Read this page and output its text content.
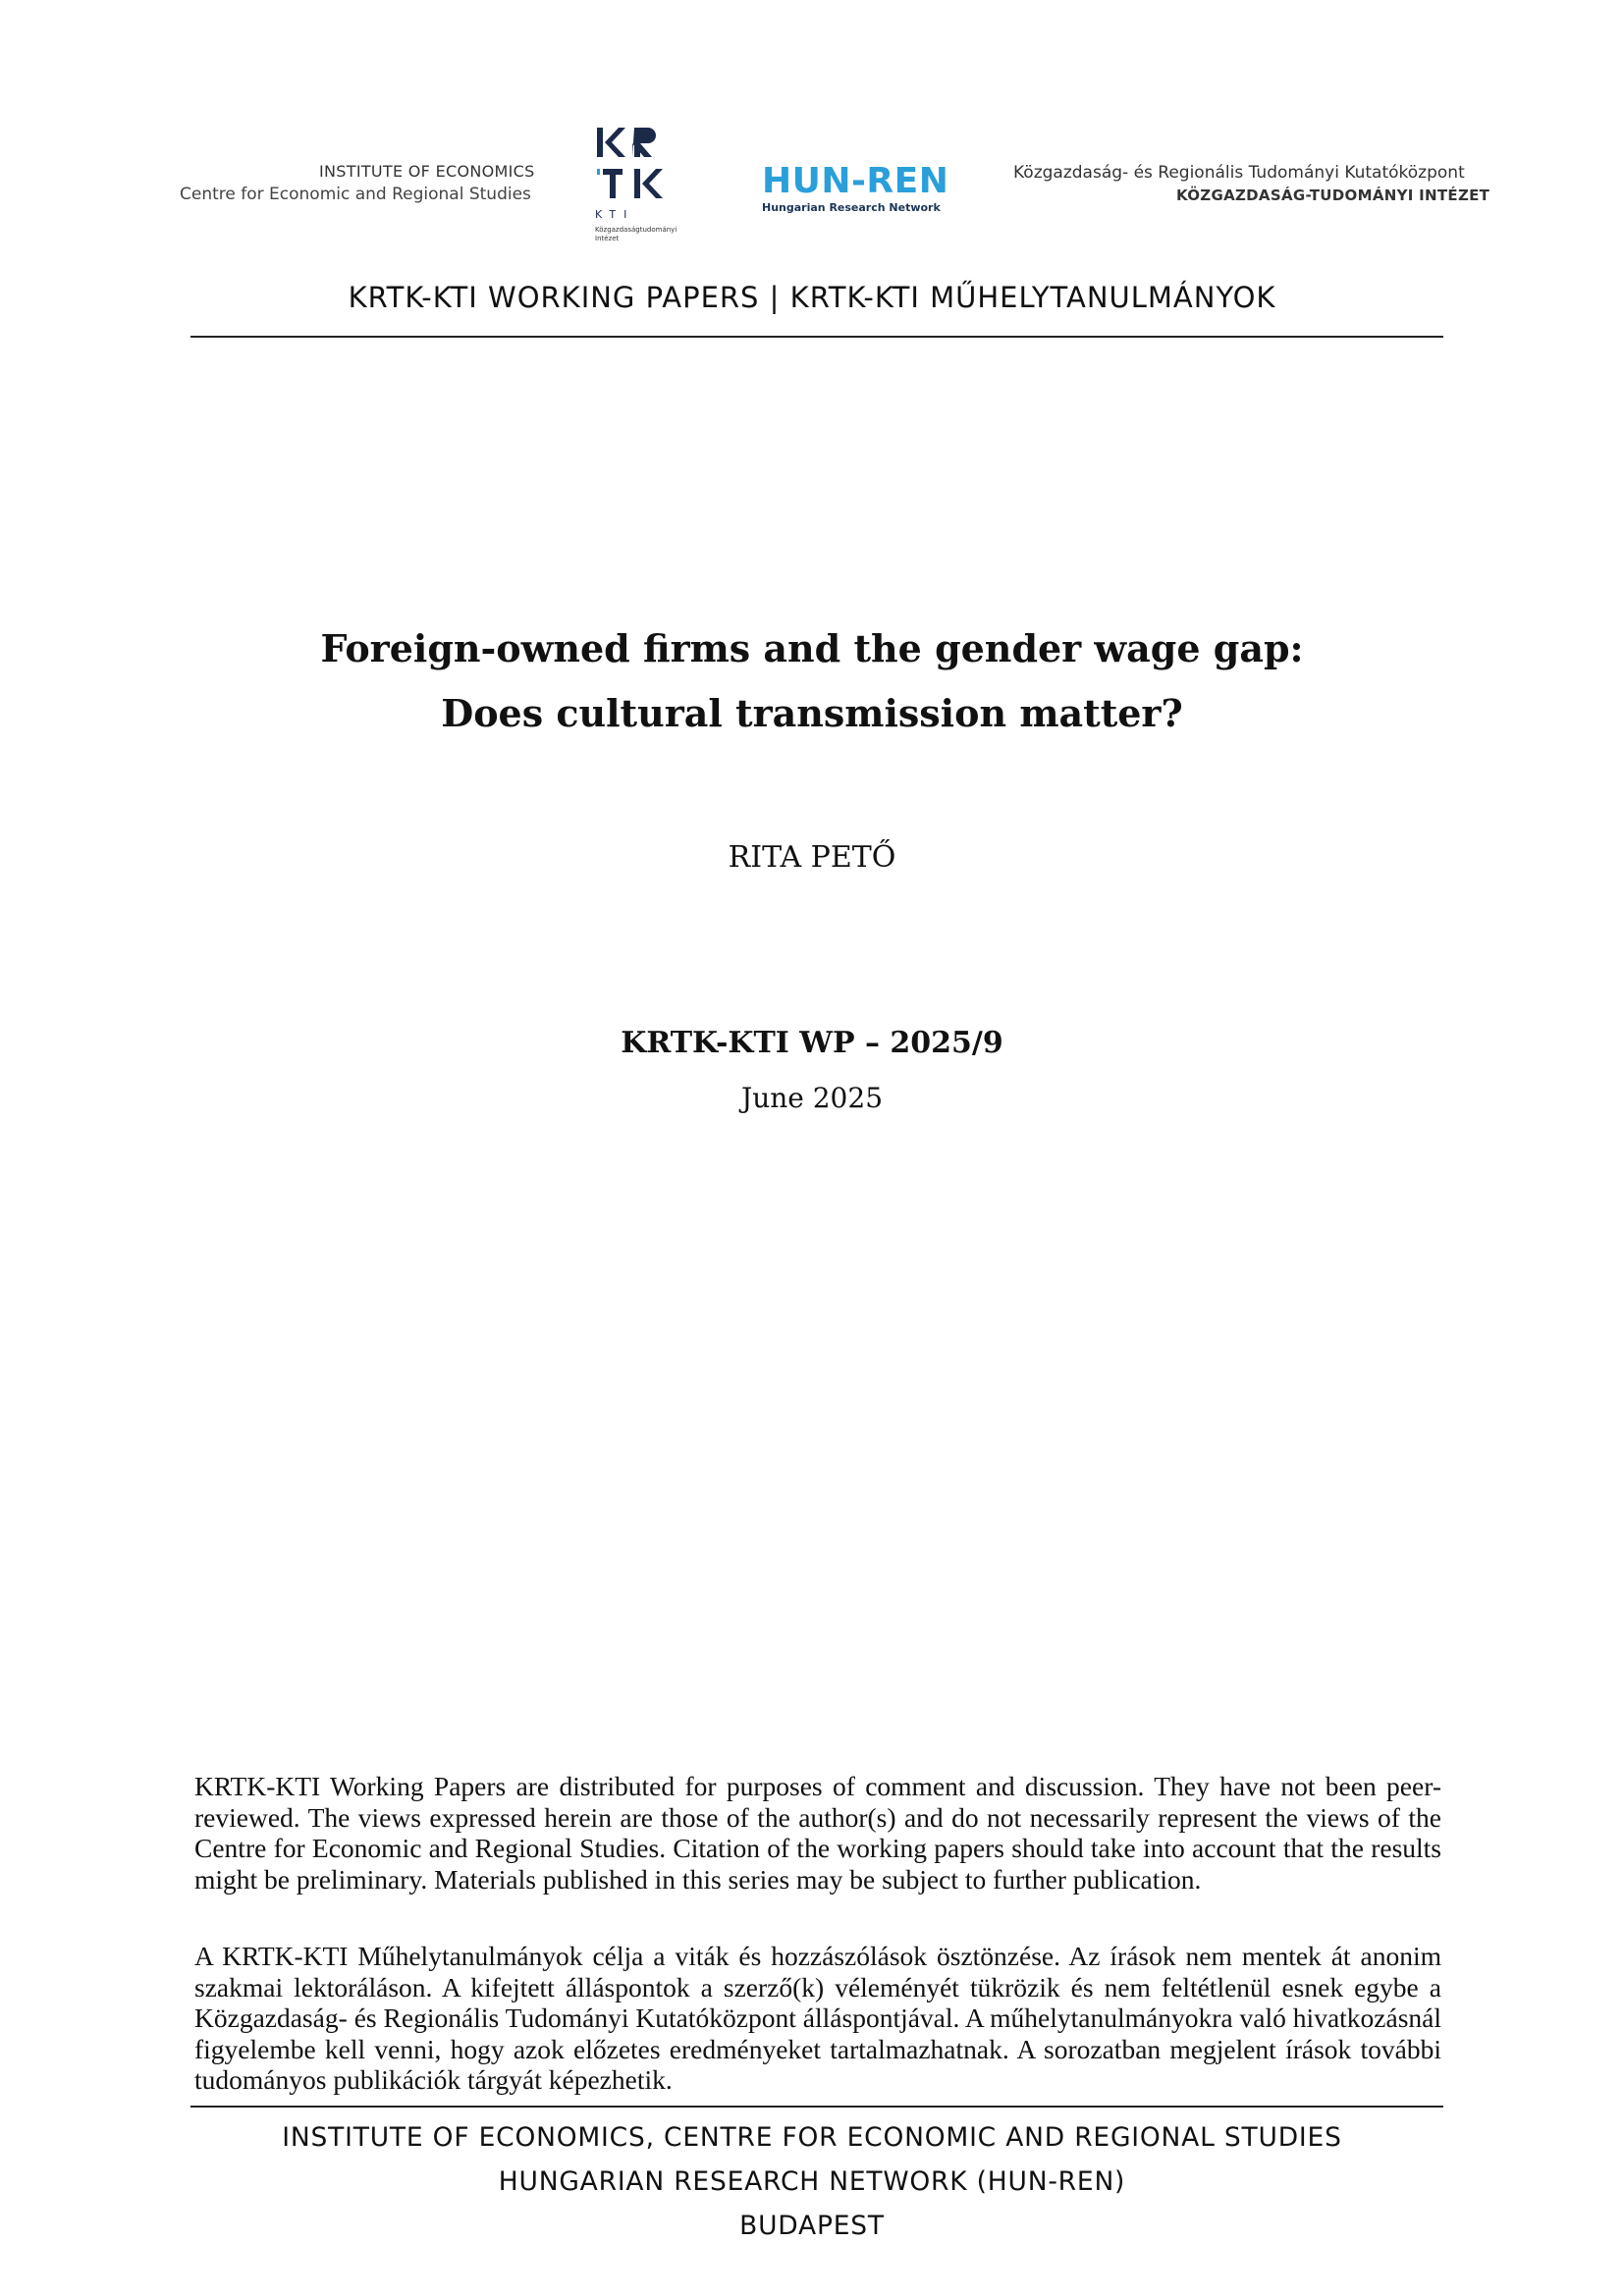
INSTITUTE OF ECONOMICS
Centre for Economic and Regional Studies
KTI
Közgazdaságtudományi
Intézet
HUN-REN
Hungarian Research Network
Közgazdaság- és Regionális Tudományi Kutatóközpont
KÖZGAZDASÁG-TUDOMÁNYI INTÉZET
KRTK-KTI WORKING PAPERS | KRTK-KTI MŰHELYTANULMÁNYOK
Foreign-owned firms and the gender wage gap:
Does cultural transmission matter?
RITA PETŐ
KRTK-KTI WP – 2025/9
June 2025
KRTK-KTI Working Papers are distributed for purposes of comment and discussion. They have not been peer-reviewed. The views expressed herein are those of the author(s) and do not necessarily represent the views of the Centre for Economic and Regional Studies. Citation of the working papers should take into account that the results might be preliminary. Materials published in this series may be subject to further publication.
A KRTK-KTI Műhelytanulmányok célja a viták és hozzászólások ösztönzése. Az írások nem mentek át anonim szakmai lektoráláson. A kifejtett álláspontok a szerző(k) véleményét tükrözik és nem feltétlenül esnek egybe a Közgazdaság- és Regionális Tudományi Kutatóközpont álláspontjával. A műhelytanulmányokra való hivatkozásnál figyelembe kell venni, hogy azok előzetes eredményeket tartalmazhatnak. A sorozatban megjelent írások további tudományos publikációk tárgyát képezhetik.
INSTITUTE OF ECONOMICS, CENTRE FOR ECONOMIC AND REGIONAL STUDIES
HUNGARIAN RESEARCH NETWORK (HUN-REN)
BUDAPEST
